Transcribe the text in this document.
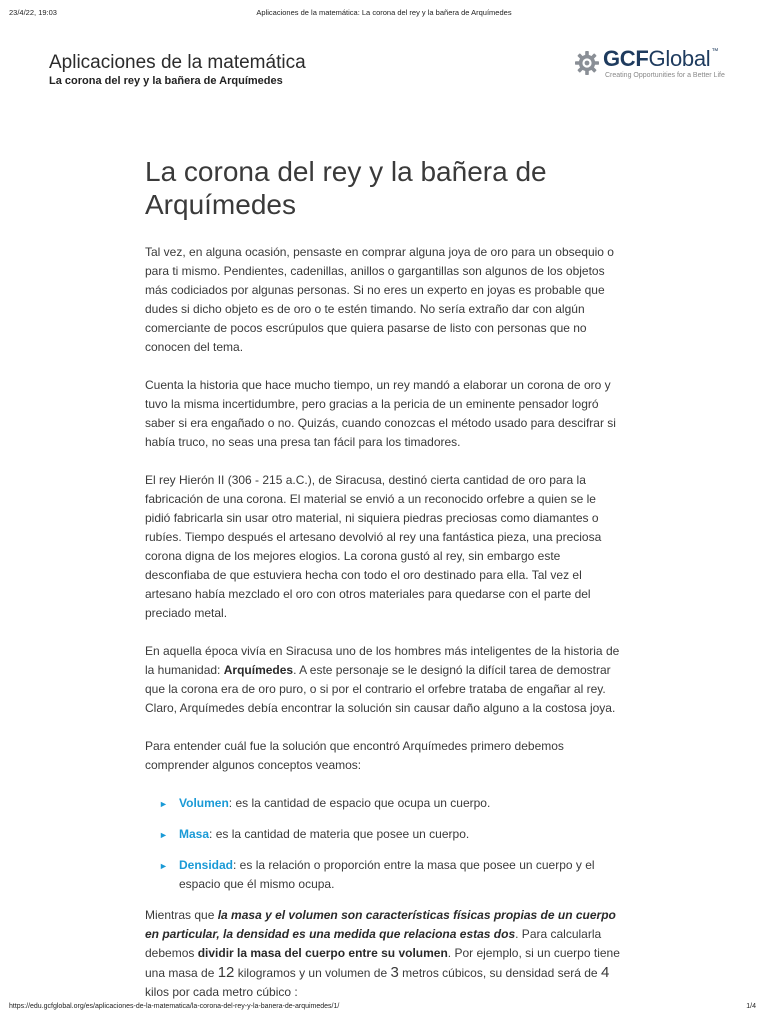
23/4/22, 19:03	Aplicaciones de la matemática: La corona del rey y la bañera de Arquímedes
Aplicaciones de la matemática
La corona del rey y la bañera de Arquímedes
GCFGlobal™
Creating Opportunities for a Better Life
La corona del rey y la bañera de Arquímedes

Tal vez, en alguna ocasión, pensaste en comprar alguna joya de oro para un obsequio o para ti mismo. Pendientes, cadenillas, anillos o gargantillas son algunos de los objetos más codiciados por algunas personas. Si no eres un experto en joyas es probable que dudes si dicho objeto es de oro o te estén timando. No sería extraño dar con algún comerciante de pocos escrúpulos que quiera pasarse de listo con personas que no conocen del tema.

Cuenta la historia que hace mucho tiempo, un rey mandó a elaborar un corona de oro y tuvo la misma incertidumbre, pero gracias a la pericia de un eminente pensador logró saber si era engañado o no. Quizás, cuando conozcas el método usado para descifrar si había truco, no seas una presa tan fácil para los timadores.

El rey Hierón II (306 - 215 a.C.), de Siracusa, destinó cierta cantidad de oro para la fabricación de una corona. El material se envió a un reconocido orfebre a quien se le pidió fabricarla sin usar otro material, ni siquiera piedras preciosas como diamantes o rubíes. Tiempo después el artesano devolvió al rey una fantástica pieza, una preciosa corona digna de los mejores elogios. La corona gustó al rey, sin embargo este desconfiaba de que estuviera hecha con todo el oro destinado para ella. Tal vez el artesano había mezclado el oro con otros materiales para quedarse con el parte del preciado metal.

En aquella época vivía en Siracusa uno de los hombres más inteligentes de la historia de la humanidad: Arquímedes. A este personaje se le designó la difícil tarea de demostrar que la corona era de oro puro, o si por el contrario el orfebre trataba de engañar al rey. Claro, Arquímedes debía encontrar la solución sin causar daño alguno a la costosa joya.

Para entender cuál fue la solución que encontró Arquímedes primero debemos comprender algunos conceptos veamos:

► Volumen: es la cantidad de espacio que ocupa un cuerpo.
► Masa: es la cantidad de materia que posee un cuerpo.
► Densidad: es la relación o proporción entre la masa que posee un cuerpo y el espacio que él mismo ocupa.

Mientras que la masa y el volumen son características físicas propias de un cuerpo en particular, la densidad es una medida que relaciona estas dos. Para calcularla debemos dividir la masa del cuerpo entre su volumen. Por ejemplo, si un cuerpo tiene una masa de 12 kilogramos y un volumen de 3 metros cúbicos, su densidad será de 4 kilos por cada metro cúbico :

https://edu.gcfglobal.org/es/aplicaciones-de-la-matematica/la-corona-del-rey-y-la-banera-de-arquimedes/1/	1/4
